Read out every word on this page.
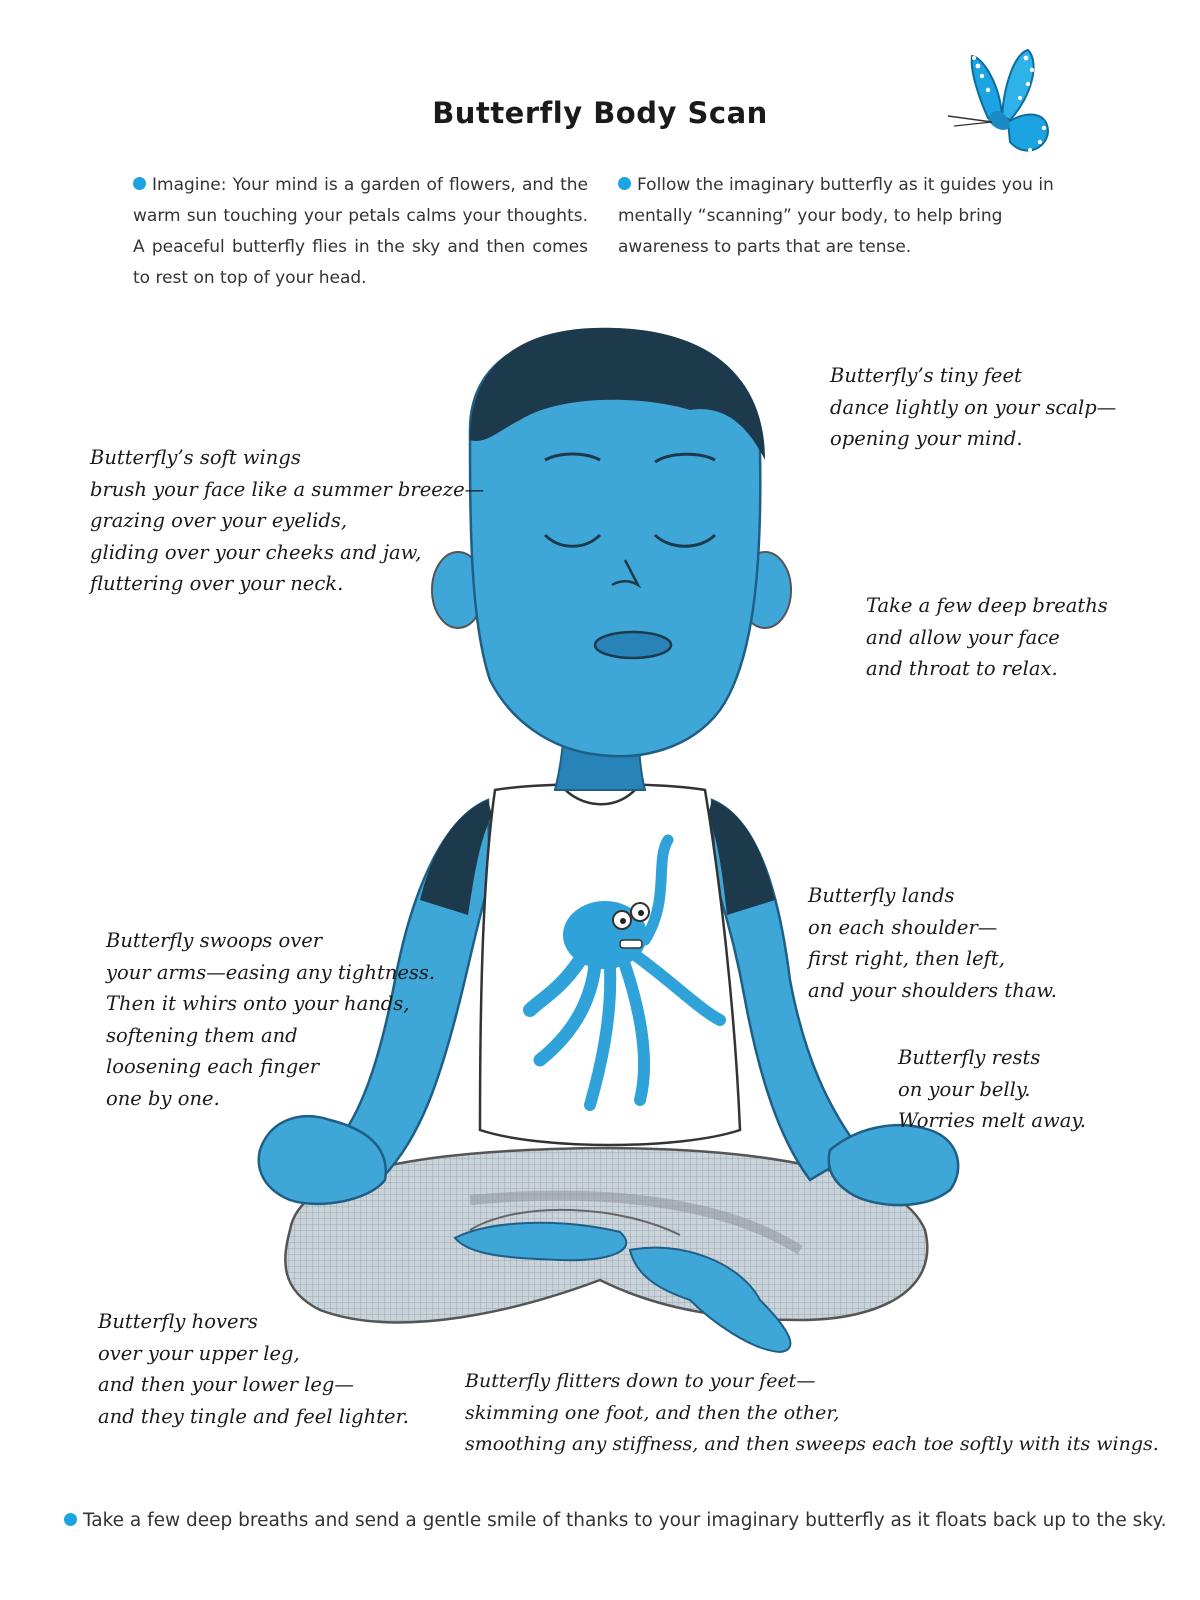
Butterfly Body Scan
Imagine: Your mind is a garden of flowers, and the warm sun touching your petals calms your thoughts. A peaceful butterfly flies in the sky and then comes to rest on top of your head.
Follow the imaginary butterfly as it guides you in mentally “scanning” your body, to help bring awareness to parts that are tense.
Butterfly’s tiny feet
dance lightly on your scalp—
opening your mind.
Butterfly’s soft wings
brush your face like a summer breeze—
grazing over your eyelids,
gliding over your cheeks and jaw,
fluttering over your neck.
Take a few deep breaths
and allow your face
and throat to relax.
Butterfly lands
on each shoulder—
first right, then left,
and your shoulders thaw.
Butterfly swoops over
your arms—easing any tightness.
Then it whirs onto your hands,
softening them and
loosening each finger
one by one.
Butterfly rests
on your belly.
Worries melt away.
Butterfly hovers
over your upper leg,
and then your lower leg—
and they tingle and feel lighter.
Butterfly flitters down to your feet—
skimming one foot, and then the other,
smoothing any stiffness, and then sweeps each toe softly with its wings.
Take a few deep breaths and send a gentle smile of thanks to your imaginary butterfly as it floats back up to the sky.
